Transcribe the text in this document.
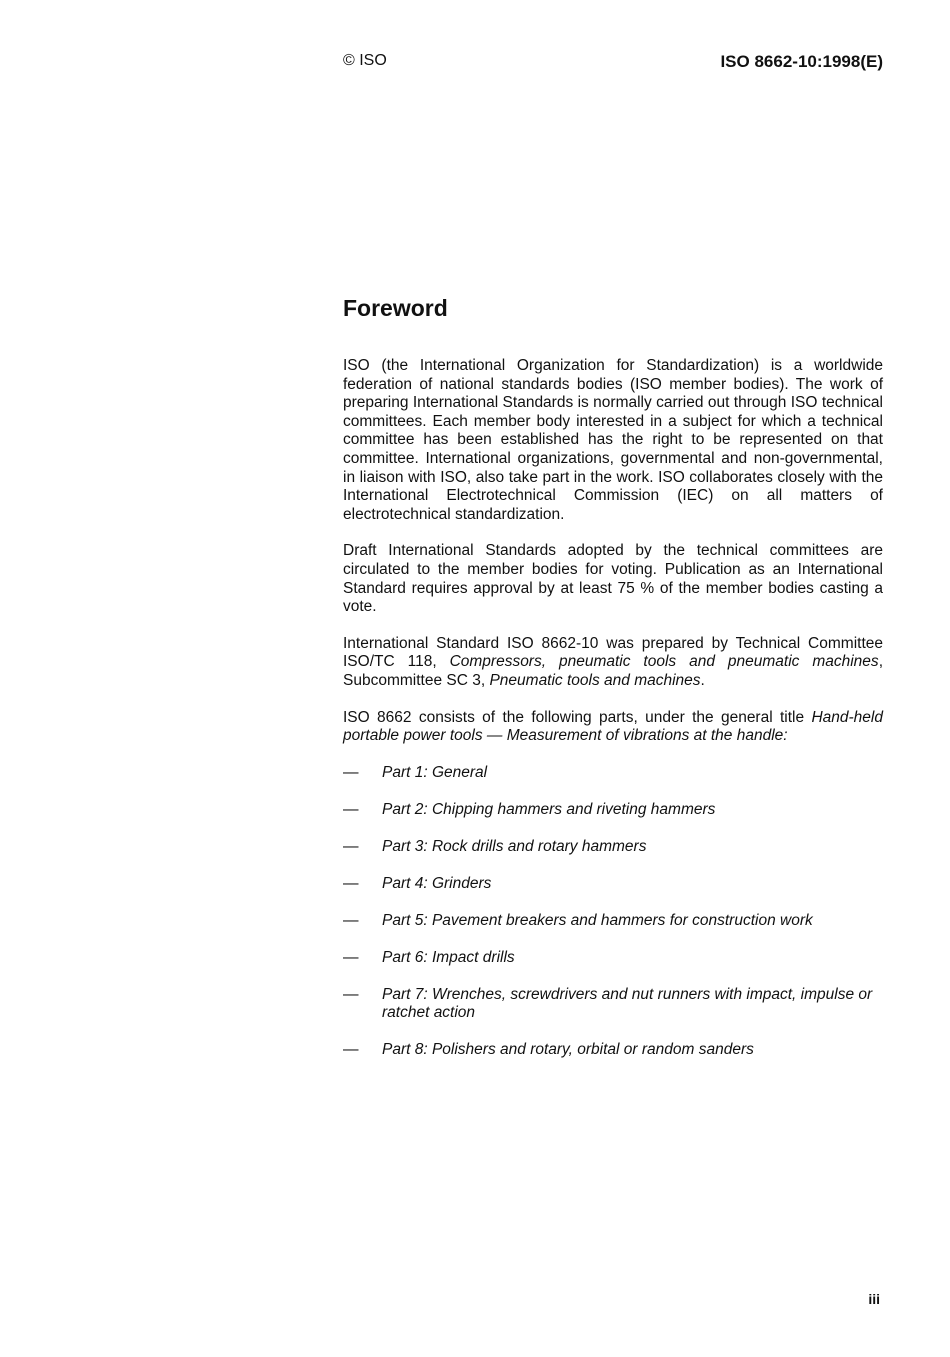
© ISO	ISO 8662-10:1998(E)
Foreword

ISO (the International Organization for Standardization) is a worldwide federation of national standards bodies (ISO member bodies). The work of preparing International Standards is normally carried out through ISO technical committees. Each member body interested in a subject for which a technical committee has been established has the right to be represented on that committee. International organizations, governmental and non-governmental, in liaison with ISO, also take part in the work. ISO collaborates closely with the International Electrotechnical Commission (IEC) on all matters of electrotechnical standardization.

Draft International Standards adopted by the technical committees are circulated to the member bodies for voting. Publication as an International Standard requires approval by at least 75 % of the member bodies casting a vote.

International Standard ISO 8662-10 was prepared by Technical Committee ISO/TC 118, Compressors, pneumatic tools and pneumatic machines, Subcommittee SC 3, Pneumatic tools and machines.

ISO 8662 consists of the following parts, under the general title Hand-held portable power tools — Measurement of vibrations at the handle:

—	Part 1: General
—	Part 2: Chipping hammers and riveting hammers
—	Part 3: Rock drills and rotary hammers
—	Part 4: Grinders
—	Part 5: Pavement breakers and hammers for construction work
—	Part 6: Impact drills
—	Part 7: Wrenches, screwdrivers and nut runners with impact, impulse or ratchet action
—	Part 8: Polishers and rotary, orbital or random sanders
iii
